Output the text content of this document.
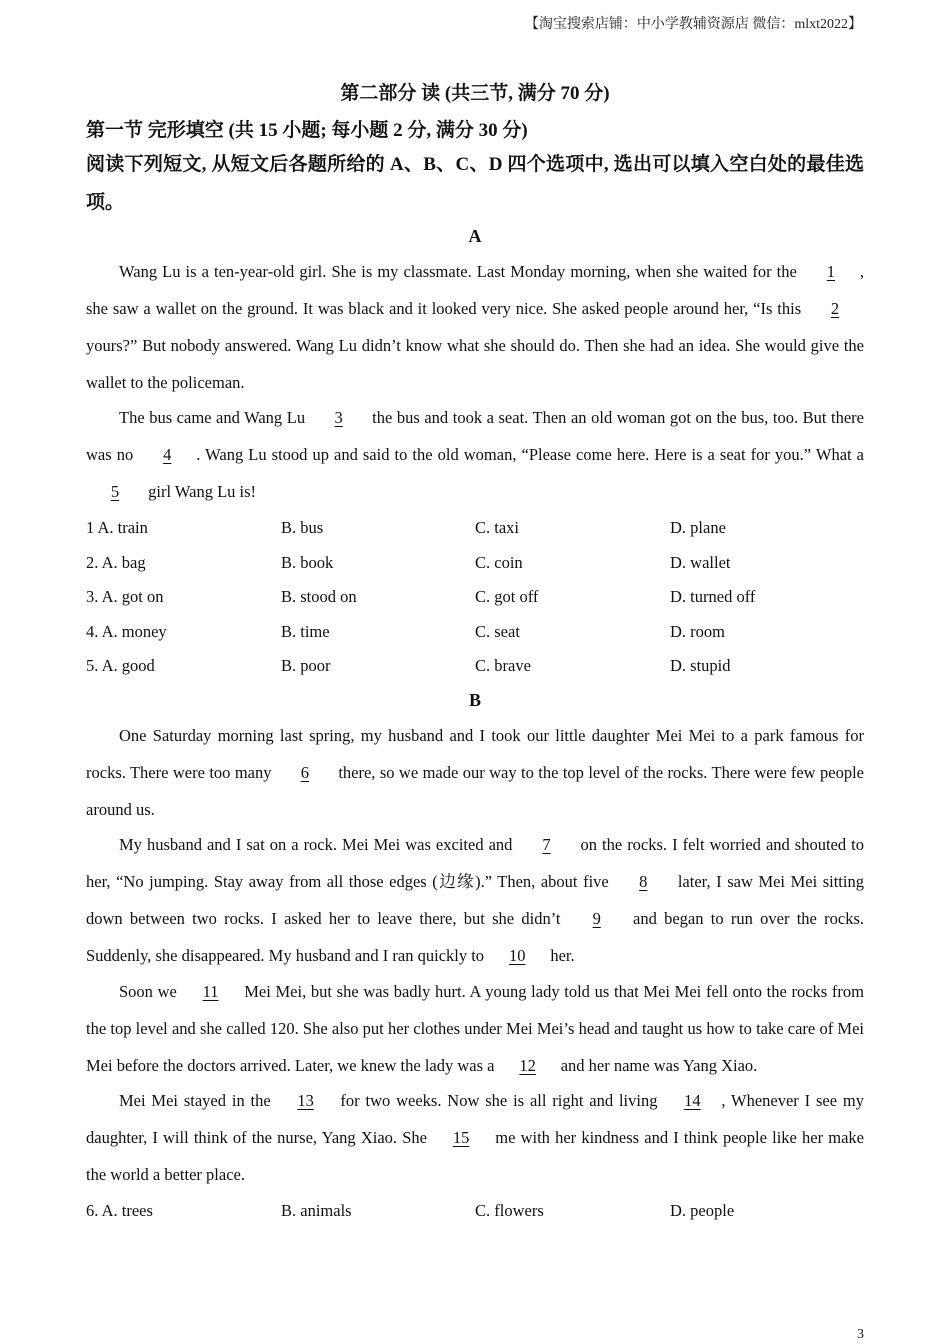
【淘宝搜索店铺：中小学教辅资源店 微信：mlxt2022】
第二部分 读 (共三节, 满分 70 分)
第一节 完形填空 (共 15 小题; 每小题 2 分, 满分 30 分)
阅读下列短文, 从短文后各题所给的 A、B、C、D 四个选项中, 选出可以填入空白处的最佳选项。
A
Wang Lu is a ten-year-old girl. She is my classmate. Last Monday morning, when she waited for the 1 , she saw a wallet on the ground. It was black and it looked very nice. She asked people around her, “Is this 2 yours?” But nobody answered. Wang Lu didn’t know what she should do. Then she had an idea. She would give the wallet to the policeman.
The bus came and Wang Lu 3 the bus and took a seat. Then an old woman got on the bus, too. But there was no 4 . Wang Lu stood up and said to the old woman, “Please come here. Here is a seat for you.” What a 5 girl Wang Lu is!
1 A. train	B. bus	C. taxi	D. plane
2. A. bag	B. book	C. coin	D. wallet
3. A. got on	B. stood on	C. got off	D. turned off
4. A. money	B. time	C. seat	D. room
5. A. good	B. poor	C. brave	D. stupid
B
One Saturday morning last spring, my husband and I took our little daughter Mei Mei to a park famous for rocks. There were too many 6 there, so we made our way to the top level of the rocks. There were few people around us.
My husband and I sat on a rock. Mei Mei was excited and 7 on the rocks. I felt worried and shouted to her, “No jumping. Stay away from all those edges (边缘).” Then, about five 8 later, I saw Mei Mei sitting down between two rocks. I asked her to leave there, but she didn’t 9 and began to run over the rocks. Suddenly, she disappeared. My husband and I ran quickly to 10 her.
Soon we 11 Mei Mei, but she was badly hurt. A young lady told us that Mei Mei fell onto the rocks from the top level and she called 120. She also put her clothes under Mei Mei’s head and taught us how to take care of Mei Mei before the doctors arrived. Later, we knew the lady was a 12 and her name was Yang Xiao.
Mei Mei stayed in the 13 for two weeks. Now she is all right and living 14 , Whenever I see my daughter, I will think of the nurse, Yang Xiao. She 15 me with her kindness and I think people like her make the world a better place.
6. A. trees	B. animals	C. flowers	D. people
3
